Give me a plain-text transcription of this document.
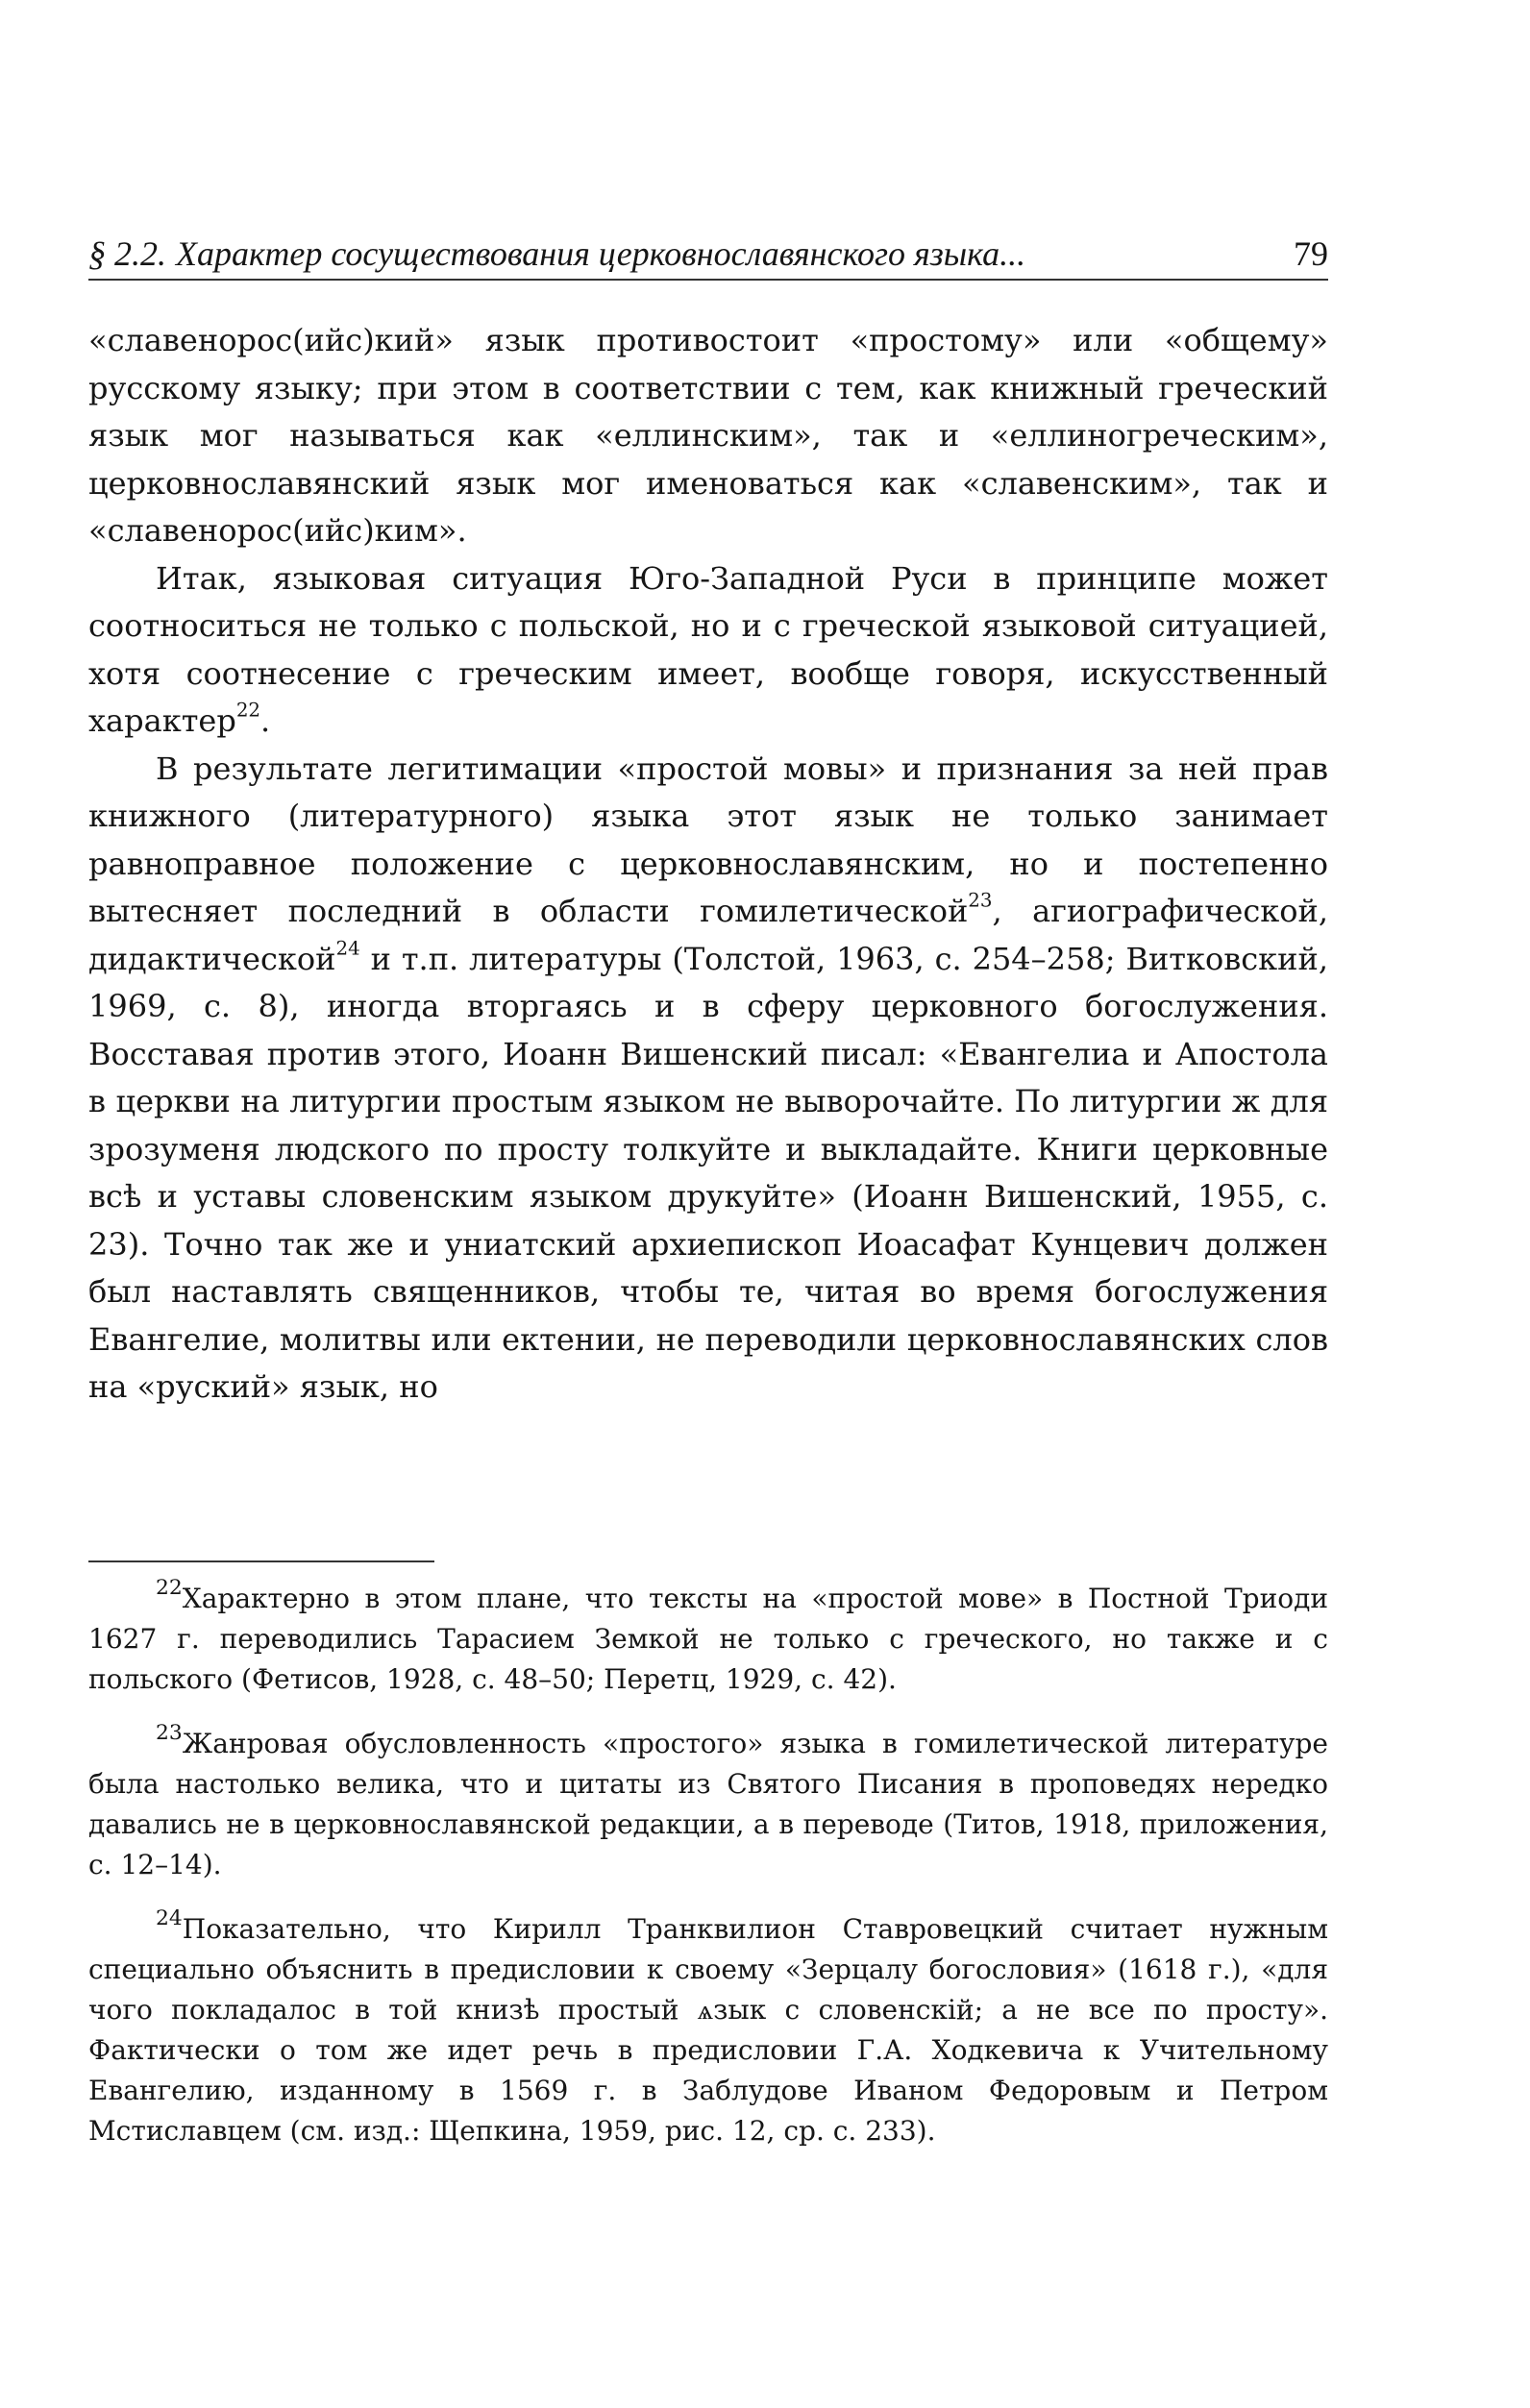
§ 2.2. Характер сосуществования церковнославянского языка...	79

«славенорос(ийс)кий» язык противостоит «простому» или «общему» русскому языку; при этом в соответствии с тем, как книжный греческий язык мог называться как «еллинским», так и «еллиногреческим», церковнославянский язык мог именоваться как «славенским», так и «славенорос(ийс)ким».

Итак, языковая ситуация Юго-Западной Руси в принципе может соотноситься не только с польской, но и с греческой языковой ситуацией, хотя соотнесение с греческим имеет, вообще говоря, искусственный характер$^{22}$.

В результате легитимации «простой мовы» и признания за ней прав книжного (литературного) языка этот язык не только занимает равноправное положение с церковнославянским, но и постепенно вытесняет последний в области гомилетической$^{23}$, агиографической, дидактической$^{24}$ и т.п. литературы (Толстой, 1963, с. 254–258; Витковский, 1969, с. 8), иногда вторгаясь и в сферу церковного богослужения. Восставая против этого, Иоанн Вишенский писал: «Евангелиа и Апостола в церкви на литургии простым языком не выворочайте. По литургии ж для зрозуменя людского по просту толкуйте и выкладайте. Книги церковные всѣ и уставы словенским языком друкуйте» (Иоанн Вишенский, 1955, с. 23). Точно так же и униатский архиепископ Иоасафат Кунцевич должен был наставлять священников, чтобы те, читая во время богослужения Евангелие, молитвы или ектении, не переводили церковнославянских слов на «руский» язык, но

$^{22}$Характерно в этом плане, что тексты на «простой мове» в Постной Триоди 1627 г. переводились Тарасием Земкой не только с греческого, но также и с польского (Фетисов, 1928, с. 48–50; Перетц, 1929, с. 42).

$^{23}$Жанровая обусловленность «простого» языка в гомилетической литературе была настолько велика, что и цитаты из Святого Писания в проповедях нередко давались не в церковнославянской редакции, а в переводе (Титов, 1918, приложения, с. 12–14).

$^{24}$Показательно, что Кирилл Транквилион Ставровецкий считает нужным специально объяснить в предисловии к своему «Зерцалу богословия» (1618 г.), «для чого покладалос в той книзѣ простый ѧзык с словенскiй; а не все по просту». Фактически о том же идет речь в предисловии Г.А. Ходкевича к Учительному Евангелию, изданному в 1569 г. в Заблудове Иваном Федоровым и Петром Мстиславцем (см. изд.: Щепкина, 1959, рис. 12, ср. с. 233).
